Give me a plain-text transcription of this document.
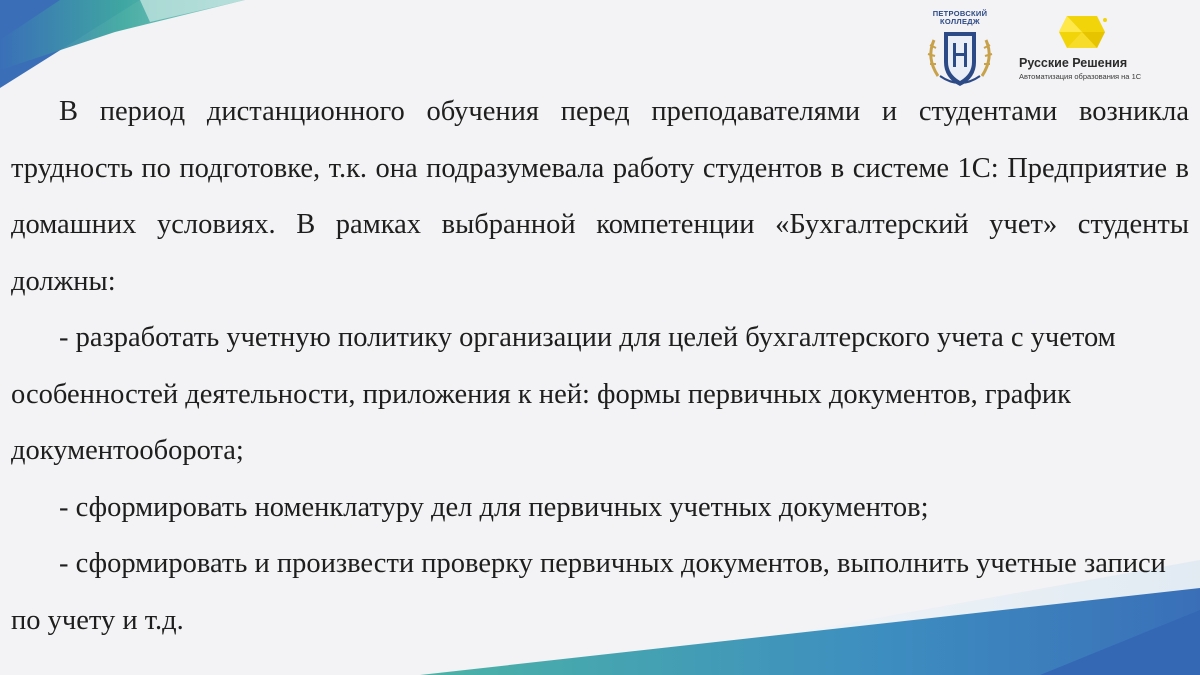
ПЕТРОВСКИЙ КОЛЛЕДЖ
Русские Решения
Автоматизация образования на 1С

В период дистанционного обучения перед преподавателями и студентами возникла трудность по подготовке, т.к. она подразумевала работу студентов в системе 1С: Предприятие в домашних условиях. В рамках выбранной компетенции «Бухгалтерский учет» студенты должны:

- разработать учетную политику организации для целей бухгалтерского учета с учетом особенностей деятельности, приложения к ней: формы первичных документов, график документооборота;

- сформировать номенклатуру дел для первичных учетных документов;

- сформировать и произвести проверку первичных документов, выполнить учетные записи по учету и т.д.
